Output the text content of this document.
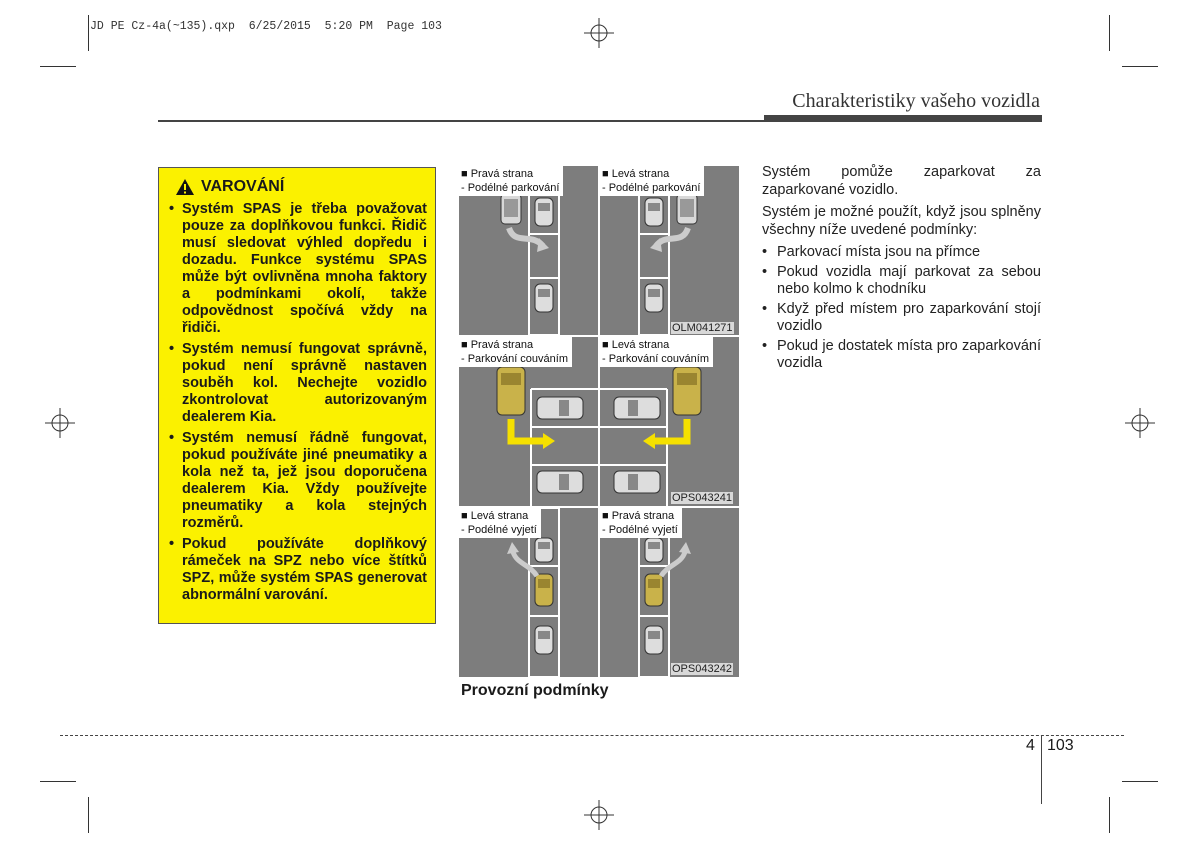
JD PE Cz-4a(~135).qxp  6/25/2015  5:20 PM  Page 103
Charakteristiky vašeho vozidla
VAROVÁNÍ
• Systém SPAS je třeba považovat pouze za doplňkovou funkci. Řidič musí sledovat výhled dopředu i dozadu. Funkce systému SPAS může být ovlivněna mnoha faktory a podmínkami okolí, takže odpovědnost spočívá vždy na řidiči.
• Systém nemusí fungovat správně, pokud není správně nastaven souběh kol. Nechejte vozidlo zkontrolovat autorizovaným dealerem Kia.
• Systém nemusí řádně fungovat, pokud používáte jiné pneumatiky a kola než ta, jež jsou doporučena dealerem Kia. Vždy používejte pneumatiky a kola stejných rozměrů.
• Pokud používáte doplňkový rámeček na SPZ nebo více štítků SPZ, může systém SPAS generovat abnormální varování.
■ Pravá strana
- Podélné parkování
■ Levá strana
- Podélné parkování
■ Pravá strana
- Parkování couváním
■ Levá strana
- Parkování couváním
■ Levá strana
- Podélné vyjetí
■ Pravá strana
- Podélné vyjetí
OLM041271
OPS043241
OPS043242
Provozní podmínky

Systém pomůže zaparkovat za zaparkované vozidlo.

Systém je možné použít, když jsou splněny všechny níže uvedené podmínky:

• Parkovací místa jsou na přímce
• Pokud vozidla mají parkovat za sebou nebo kolmo k chodníku
• Když před místem pro zaparkování stojí vozidlo
• Pokud je dostatek místa pro zaparkování vozidla
4 103
